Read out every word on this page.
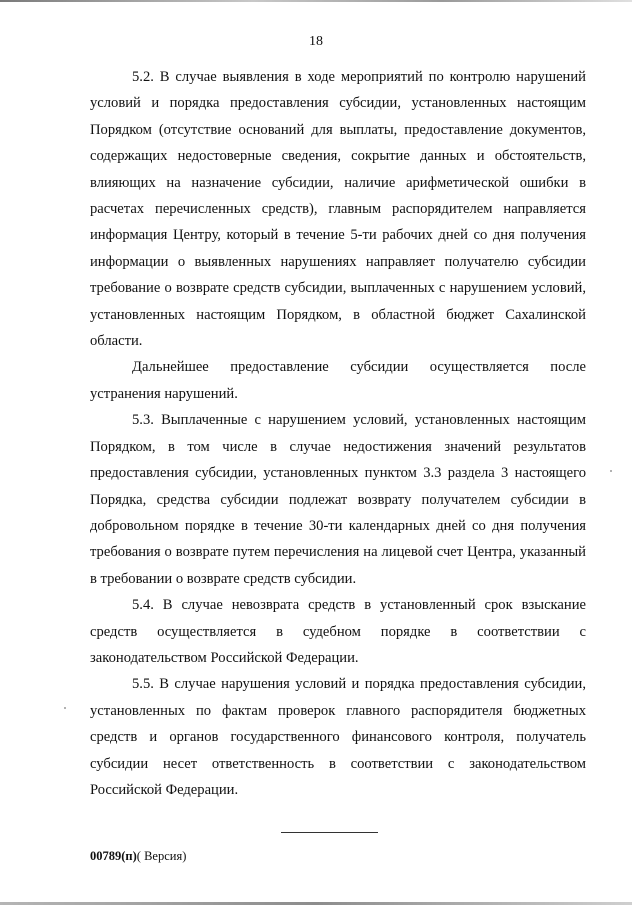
18

5.2. В случае выявления в ходе мероприятий по контролю нарушений условий и порядка предоставления субсидии, установленных настоящим Порядком (отсутствие оснований для выплаты, предоставление документов, содержащих недостоверные сведения, сокрытие данных и обстоятельств, влияющих на назначение субсидии, наличие арифметической ошибки в расчетах перечисленных средств), главным распорядителем направляется информация Центру, который в течение 5-ти рабочих дней со дня получения информации о выявленных нарушениях направляет получателю субсидии требование о возврате средств субсидии, выплаченных с нарушением условий, установленных настоящим Порядком, в областной бюджет Сахалинской области.

Дальнейшее предоставление субсидии осуществляется после устранения нарушений.

5.3. Выплаченные с нарушением условий, установленных настоящим Порядком, в том числе в случае недостижения значений результатов предоставления субсидии, установленных пунктом 3.3 раздела 3 настоящего Порядка, средства субсидии подлежат возврату получателем субсидии в добровольном порядке в течение 30-ти календарных дней со дня получения требования о возврате путем перечисления на лицевой счет Центра, указанный в требовании о возврате средств субсидии.

5.4. В случае невозврата средств в установленный срок взыскание средств осуществляется в судебном порядке в соответствии с законодательством Российской Федерации.

5.5. В случае нарушения условий и порядка предоставления субсидии, установленных по фактам проверок главного распорядителя бюджетных средств и органов государственного финансового контроля, получатель субсидии несет ответственность в соответствии с законодательством Российской Федерации.

00789(п)( Версия)
